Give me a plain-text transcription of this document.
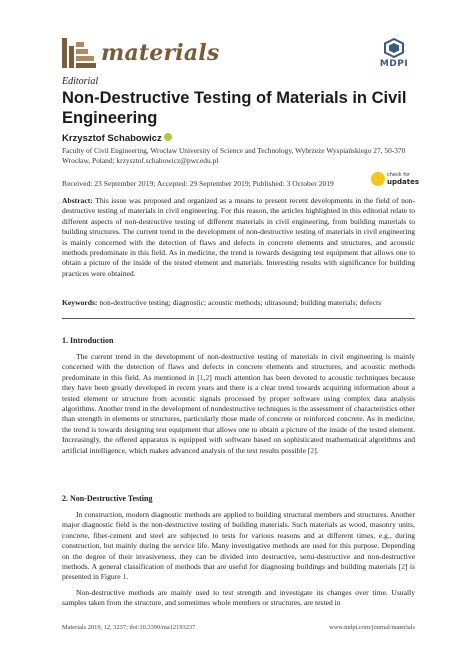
materials	MDPI
Editorial
Non-Destructive Testing of Materials in Civil Engineering
Krzysztof Schabowicz
Faculty of Civil Engineering, Wrocław University of Science and Technology, Wybrzeże Wyspiańskiego 27, 50-370 Wrocław, Poland; krzysztof.schabowicz@pwr.edu.pl
Received: 23 September 2019; Accepted: 29 September 2019; Published: 3 October 2019
check for
updates
Abstract: This issue was proposed and organized as a means to present recent developments in the field of non-destructive testing of materials in civil engineering. For this reason, the articles highlighted in this editorial relate to different aspects of non-destructive testing of different materials in civil engineering, from building materials to building structures. The current trend in the development of non-destructive testing of materials in civil engineering is mainly concerned with the detection of flaws and defects in concrete elements and structures, and acoustic methods predominate in this field. As in medicine, the trend is towards designing test equipment that allows one to obtain a picture of the inside of the tested element and materials. Interesting results with significance for building practices were obtained.
Keywords: non-destructive testing; diagnostic; acoustic methods; ultrasound; building materials; defects
1. Introduction
The current trend in the development of non-destructive testing of materials in civil engineering is mainly concerned with the detection of flaws and defects in concrete elements and structures, and acoustic methods predominate in this field. As mentioned in [1,2] much attention has been devoted to acoustic techniques because they have been greatly developed in recent years and there is a clear trend towards acquiring information about a tested element or structure from acoustic signals processed by proper software using complex data analysis algorithms. Another trend in the development of nondestructive techniques is the assessment of characteristics other than strength in elements or structures, particularly those made of concrete or reinforced concrete. As in medicine, the trend is towards designing test equipment that allows one to obtain a picture of the inside of the tested element. Increasingly, the offered apparatus is equipped with software based on sophisticated mathematical algorithms and artificial intelligence, which makes advanced analysis of the test results possible [2].
2. Non-Destructive Testing
In construction, modern diagnostic methods are applied to building structural members and structures. Another major diagnostic field is the non-destructive testing of building materials. Such materials as wood, masonry units, concrete, fiber-cement and steel are subjected to tests for various reasons and at different times, e.g., during construction, but mainly during the service life. Many investigative methods are used for this purpose. Depending on the degree of their invasiveness, they can be divided into destructive, semi-destructive and non-destructive methods. A general classification of methods that are useful for diagnosing buildings and building materials [2] is presented in Figure 1.
Non-destructive methods are mainly used to test strength and investigate its changes over time. Usually samples taken from the structure, and sometimes whole members or structures, are tested in
Materials 2019, 12, 3237; doi:10.3390/ma12193237	www.mdpi.com/journal/materials
